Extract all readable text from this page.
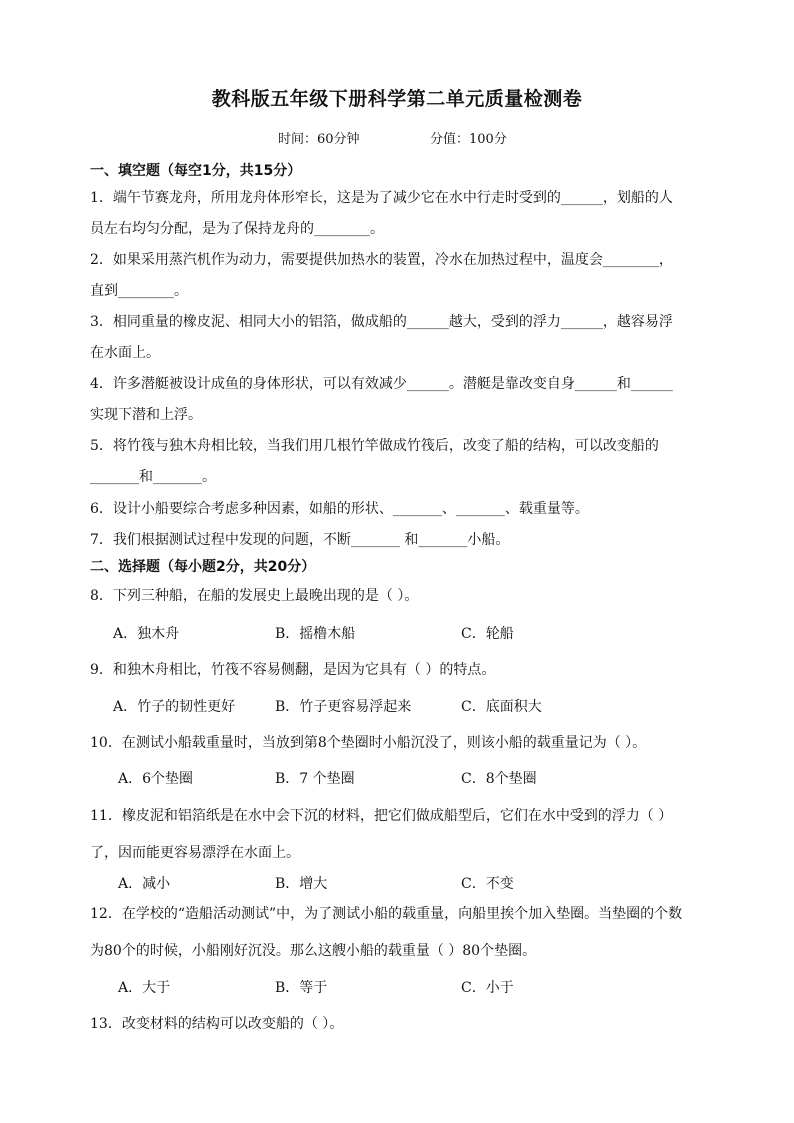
教科版五年级下册科学第二单元质量检测卷
时间：60分钟	分值：100分
一、填空题（每空1分，共15分）
1．端午节赛龙舟，所用龙舟体形窄长，这是为了减少它在水中行走时受到的______，划船的人
员左右均匀分配，是为了保持龙舟的________。
2．如果采用蒸汽机作为动力，需要提供加热水的装置，冷水在加热过程中，温度会________，
直到________。
3．相同重量的橡皮泥、相同大小的铝箔，做成船的______越大，受到的浮力______，越容易浮
在水面上。
4．许多潜艇被设计成鱼的身体形状，可以有效减少______。潜艇是靠改变自身______和______
实现下潜和上浮。
5．将竹筏与独木舟相比较，当我们用几根竹竿做成竹筏后，改变了船的结构，可以改变船的
_______和_______。
6．设计小船要综合考虑多种因素，如船的形状、_______、_______、载重量等。
7．我们根据测试过程中发现的问题，不断_______ 和_______小船。
二、选择题（每小题2分，共20分）
8．下列三种船，在船的发展史上最晚出现的是（ ）。
A．独木舟	B．摇橹木船	C．轮船
9．和独木舟相比，竹筏不容易侧翻，是因为它具有（ ）的特点。
A．竹子的韧性更好	B．竹子更容易浮起来	C．底面积大
10．在测试小船载重量时，当放到第8个垫圈时小船沉没了，则该小船的载重量记为（ ）。
A．6个垫圈	B．7 个垫圈	C．8个垫圈
11．橡皮泥和铝箔纸是在水中会下沉的材料，把它们做成船型后，它们在水中受到的浮力（ ）
了，因而能更容易漂浮在水面上。
A．减小	B．增大	C．不变
12．在学校的“造船活动测试”中，为了测试小船的载重量，向船里挨个加入垫圈。当垫圈的个数
为80个的时候，小船刚好沉没。那么这艘小船的载重量（ ）80个垫圈。
A．大于	B．等于	C．小于
13．改变材料的结构可以改变船的（ ）。
